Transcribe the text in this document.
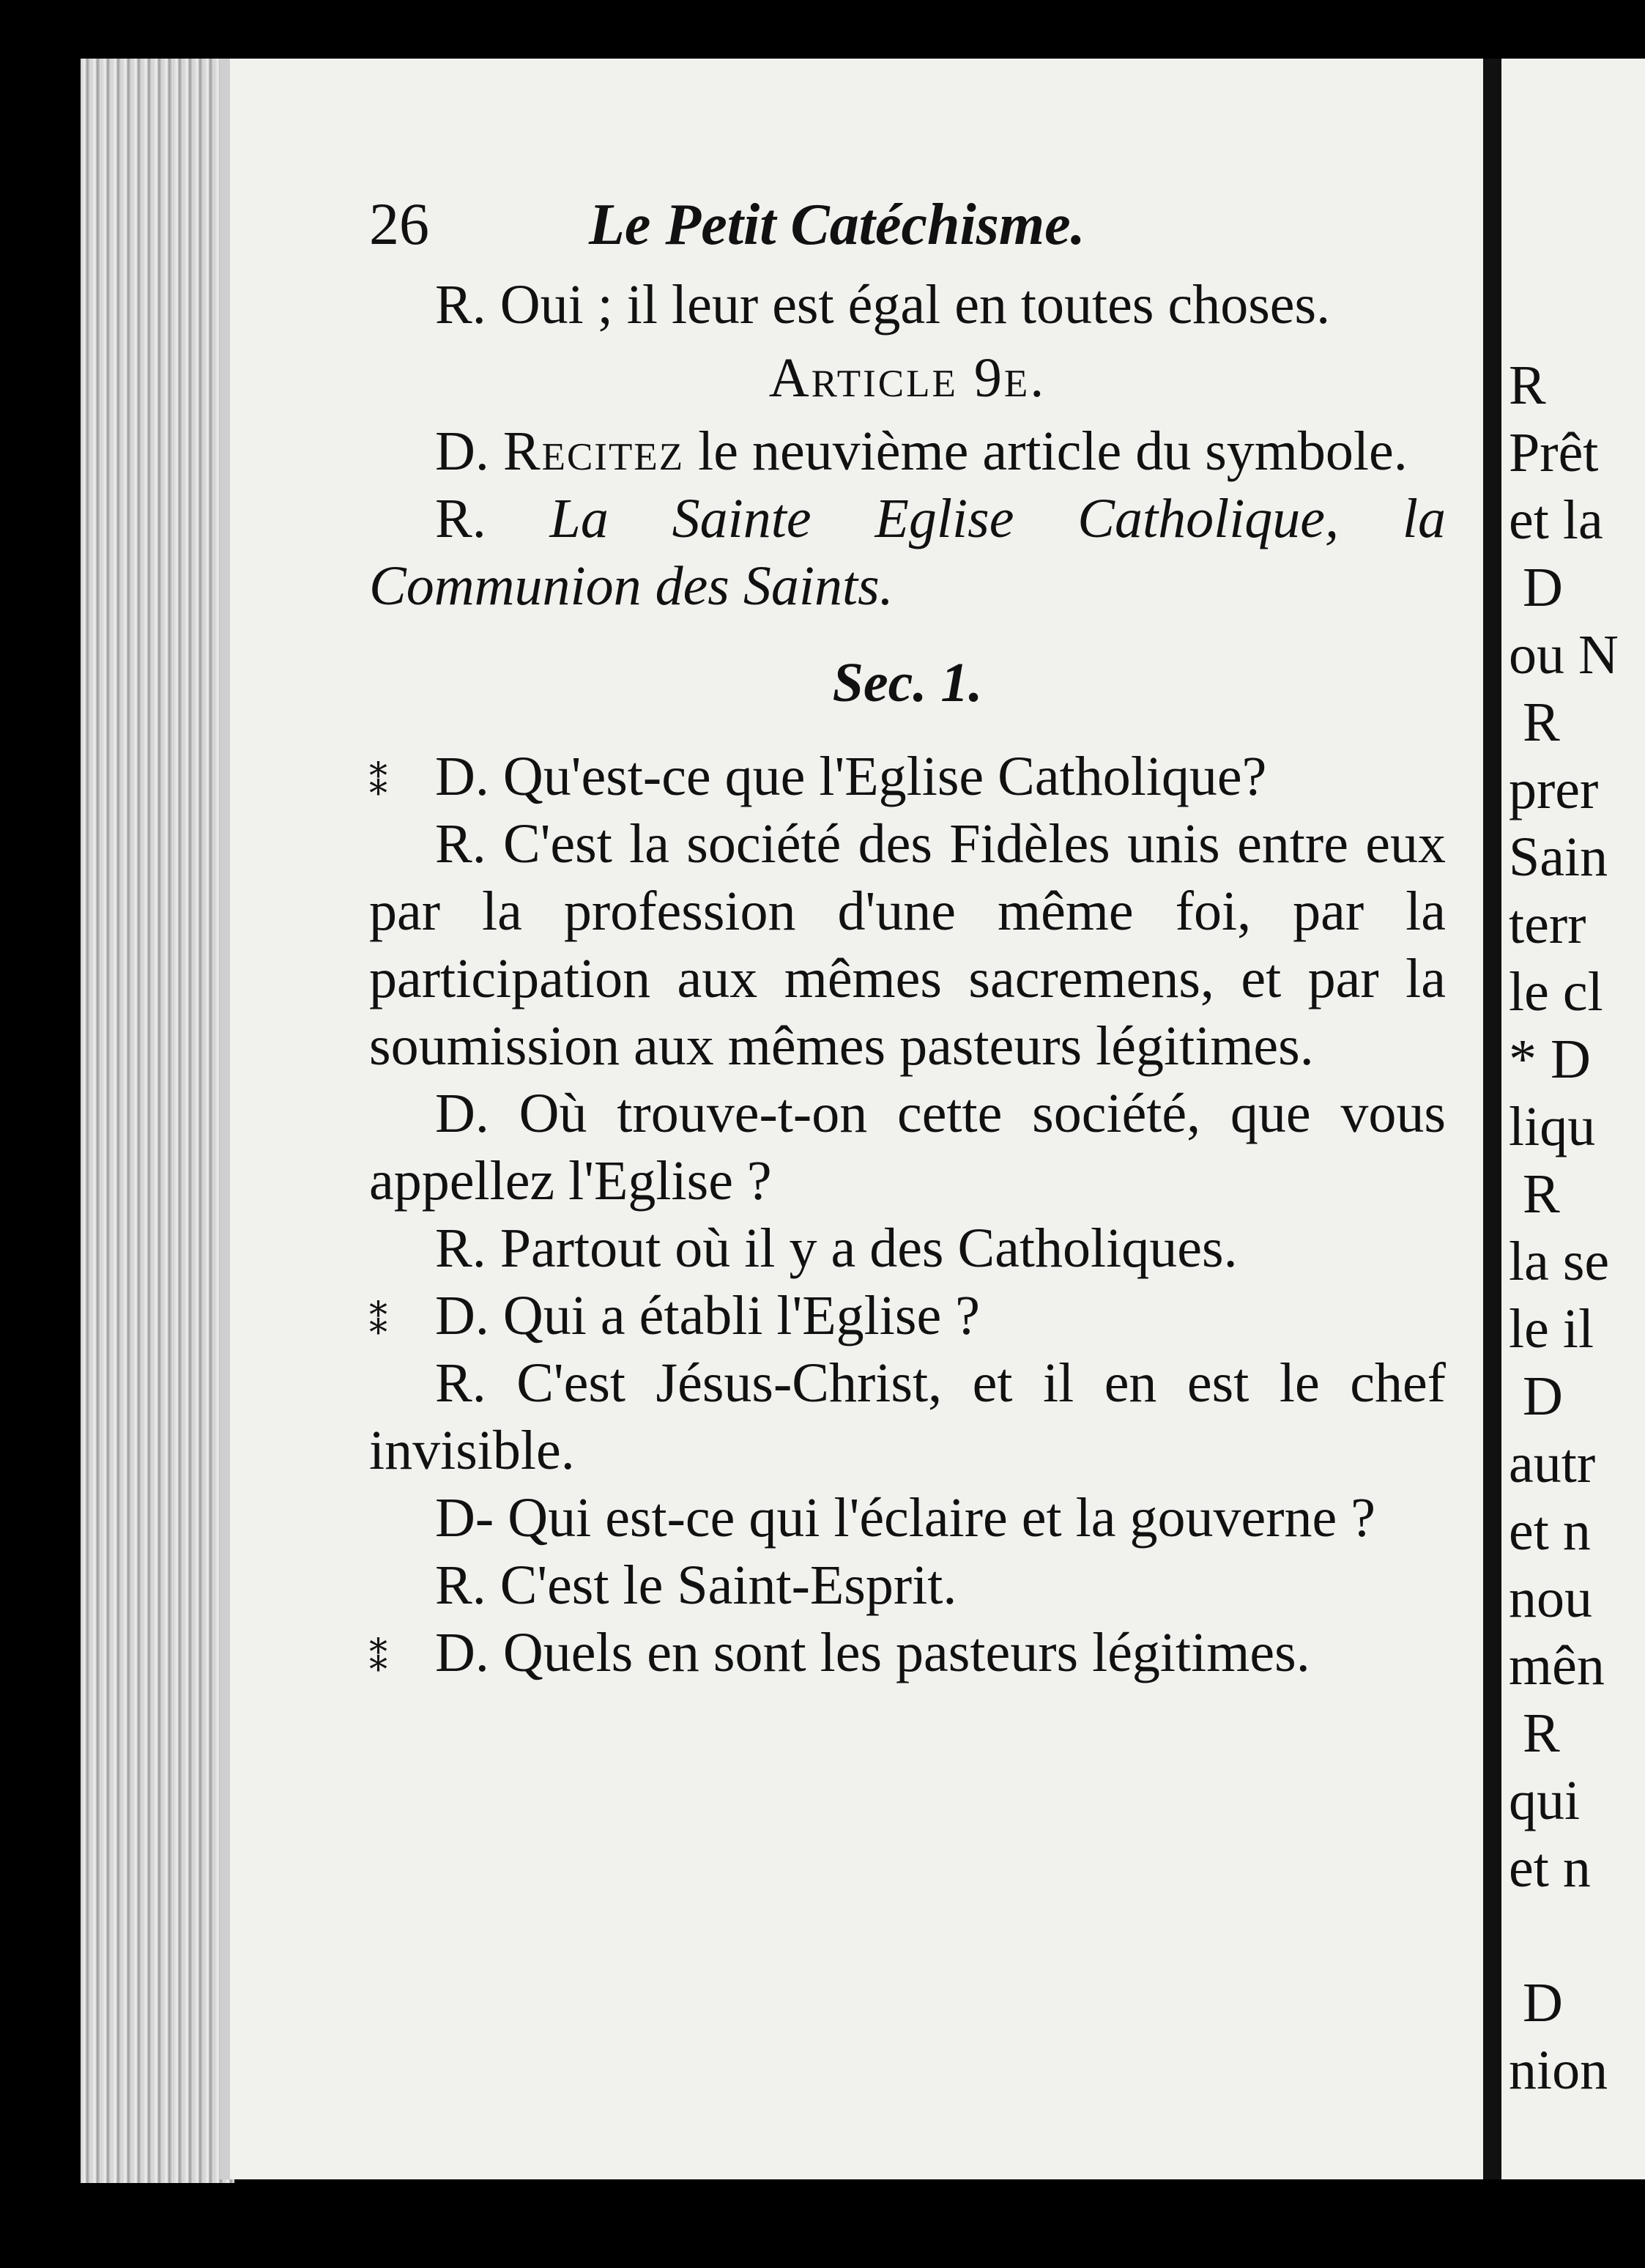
26	Le Petit Catéchisme.

R. Oui ; il leur est égal en toutes choses.

Article 9e.

D. Recitez le neuvième article du symbole.

R. La Sainte Eglise Catholique, la Communion des Saints.

Sec. 1.

⁑ D. Qu'est-ce que l'Eglise Catholique?

R. C'est la société des Fidèles unis entre eux par la profession d'une même foi, par la participation aux mêmes sacremens, et par la soumission aux mêmes pasteurs légitimes.

D. Où trouve-t-on cette société, que vous appellez l'Eglise ?

R. Partout où il y a des Catholiques.

⁑ D. Qui a établi l'Eglise ?

R. C'est Jésus-Christ, et il en est le chef invisible.

D- Qui est-ce qui l'éclaire et la gouverne ?

R. C'est le Saint-Esprit.

⁑ D. Quels en sont les pasteurs légitimes.

R
Prêt
et la
D
ou N
R
prer
Sain
terr
le cl
* D
liqu
R
la se
le il
D
autr
et n
nou
mên
R
qui
et n

D
nion
